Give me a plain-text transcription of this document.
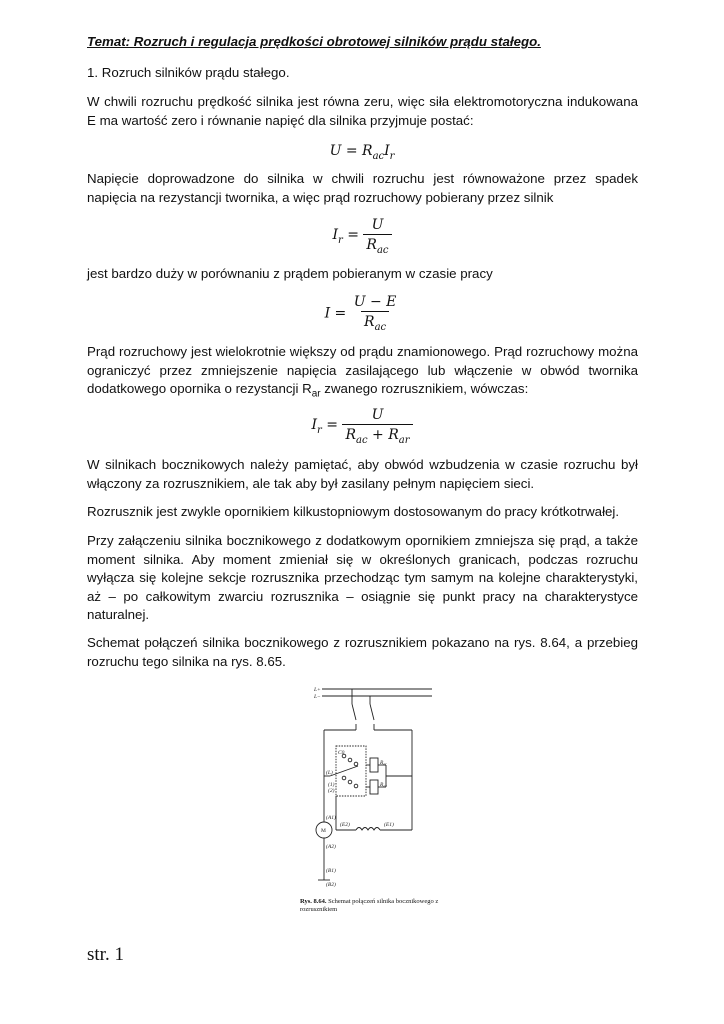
Temat: Rozruch i regulacja prędkości obrotowej silników prądu stałego.

1. Rozruch silników prądu stałego.

W chwili rozruchu prędkość silnika jest równa zeru, więc siła elektromotoryczna indukowana E ma wartość zero i równanie napięć dla silnika przyjmuje postać:

$U = R_{ac}I_r$

Napięcie doprowadzone do silnika w chwili rozruchu jest równoważone przez spadek napięcia na rezystancji twornika, a więc prąd rozruchowy pobierany przez silnik

$I_r = \frac{U}{R_{ac}}$

jest bardzo duży w porównaniu z prądem pobieranym w czasie pracy

$I = \frac{U - E}{R_{ac}}$

Prąd rozruchowy jest wielokrotnie większy od prądu znamionowego. Prąd rozruchowy można ograniczyć przez zmniejszenie napięcia zasilającego lub włączenie w obwód twornika dodatkowego opornika o rezystancji $R_{ar}$ zwanego rozrusznikiem, wówczas:

$I_r = \frac{U}{R_{ac} + R_{ar}}$

W silnikach bocznikowych należy pamiętać, aby obwód wzbudzenia w czasie rozruchu był włączony za rozrusznikiem, ale tak aby był zasilany pełnym napięciem sieci.

Rozrusznik jest zwykle opornikiem kilkustopniowym dostosowanym do pracy krótkotrwałej.

Przy załączeniu silnika bocznikowego z dodatkowym opornikiem zmniejsza się prąd, a także moment silnika. Aby moment zmieniał się w określonych granicach, podczas rozruchu wyłącza się kolejne sekcje rozrusznika przechodząc tym samym na kolejne charakterystyki, aż – po całkowitym zwarciu rozrusznika – osiągnie się punkt pracy na charakterystyce naturalnej.

Schemat połączeń silnika bocznikowego z rozrusznikiem pokazano na rys. 8.64, a przebieg rozruchu tego silnika na rys. 8.65.

L+
L−
C0
$R_{er}$
$R_{ar}$
(L)
(1)
(2)
(A1)
M
(A2)
(E2)	(E1)
(B1)
(B2)
Rys. 8.64. Schemat połączeń silnika bocznikowego z rozrusznikiem
str. 1
